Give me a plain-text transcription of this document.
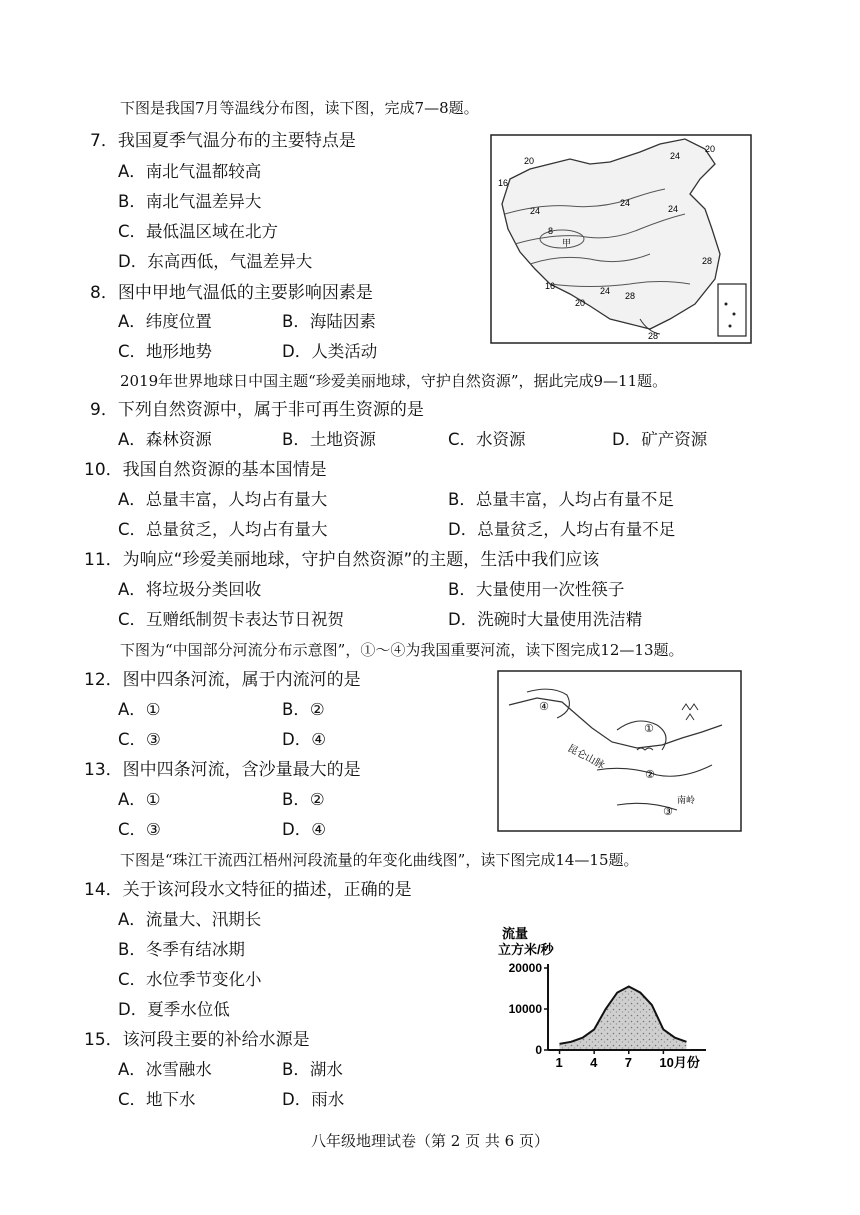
下图是我国7月等温线分布图，读下图，完成7—8题。
7．我国夏季气温分布的主要特点是
A．南北气温都较高
B．南北气温差异大
C．最低温区域在北方
D．东高西低，气温差异大
8．图中甲地气温低的主要影响因素是
A．纬度位置	B．海陆因素
C．地形地势	D．人类活动
20	24
20
16
24
24
24
8
16
20
28
28
28
24
甲
2019年世界地球日中国主题“珍爱美丽地球，守护自然资源”，据此完成9—11题。
9．下列自然资源中，属于非可再生资源的是
A．森林资源	B．土地资源	C．水资源	D．矿产资源
10．我国自然资源的基本国情是
A．总量丰富，人均占有量大	B．总量丰富，人均占有量不足
C．总量贫乏，人均占有量大	D．总量贫乏，人均占有量不足
11．为响应“珍爱美丽地球，守护自然资源”的主题，生活中我们应该
A．将垃圾分类回收	B．大量使用一次性筷子
C．互赠纸制贺卡表达节日祝贺	D．洗碗时大量使用洗洁精
下图为“中国部分河流分布示意图”，①～④为我国重要河流，读下图完成12—13题。
12．图中四条河流，属于内流河的是
A．①	B．②
C．③	D．④
13．图中四条河流，含沙量最大的是
A．①	B．②
C．③	D．④
④
①
②
③
昆仑山脉
南岭
下图是“珠江干流西江梧州河段流量的年变化曲线图”，读下图完成14—15题。
14．关于该河段水文特征的描述，正确的是
A．流量大、汛期长
B．冬季有结冰期
C．水位季节变化小
D．夏季水位低
15．该河段主要的补给水源是
A．冰雪融水	B．湖水
C．地下水	D．雨水
流量
立方米/秒
20000
10000
0
1 4 7 10月份
八年级地理试卷（第 2 页 共 6 页）
